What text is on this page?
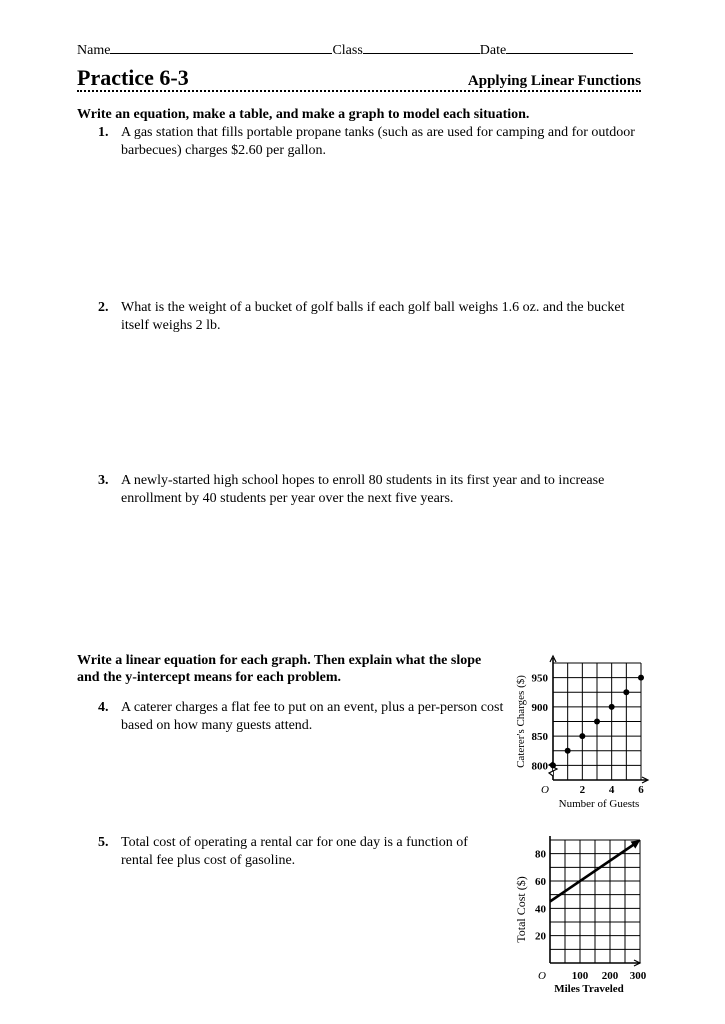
Name	Class	Date
Practice 6-3	Applying Linear Functions
Write an equation, make a table, and make a graph to model each situation.
1. A gas station that fills portable propane tanks (such as are used for camping and for outdoor
barbecues) charges $2.60 per gallon.
2. What is the weight of a bucket of golf balls if each golf ball weighs 1.6 oz. and the bucket
itself weighs 2 lb.
3. A newly-started high school hopes to enroll 80 students in its first year and to increase
enrollment by 40 students per year over the next five years.
Write a linear equation for each graph. Then explain what the slope
and the y-intercept means for each problem.
4. A caterer charges a flat fee to put on an event, plus a per-person cost
based on how many guests attend.
5. Total cost of operating a rental car for one day is a function of
rental fee plus cost of gasoline.
Caterer's Charges ($) 800
850
900
950
2 4 6
O
Number of Guests
20
40
60
80
100 200 300
O
Miles Traveled
Total Cost ($)
